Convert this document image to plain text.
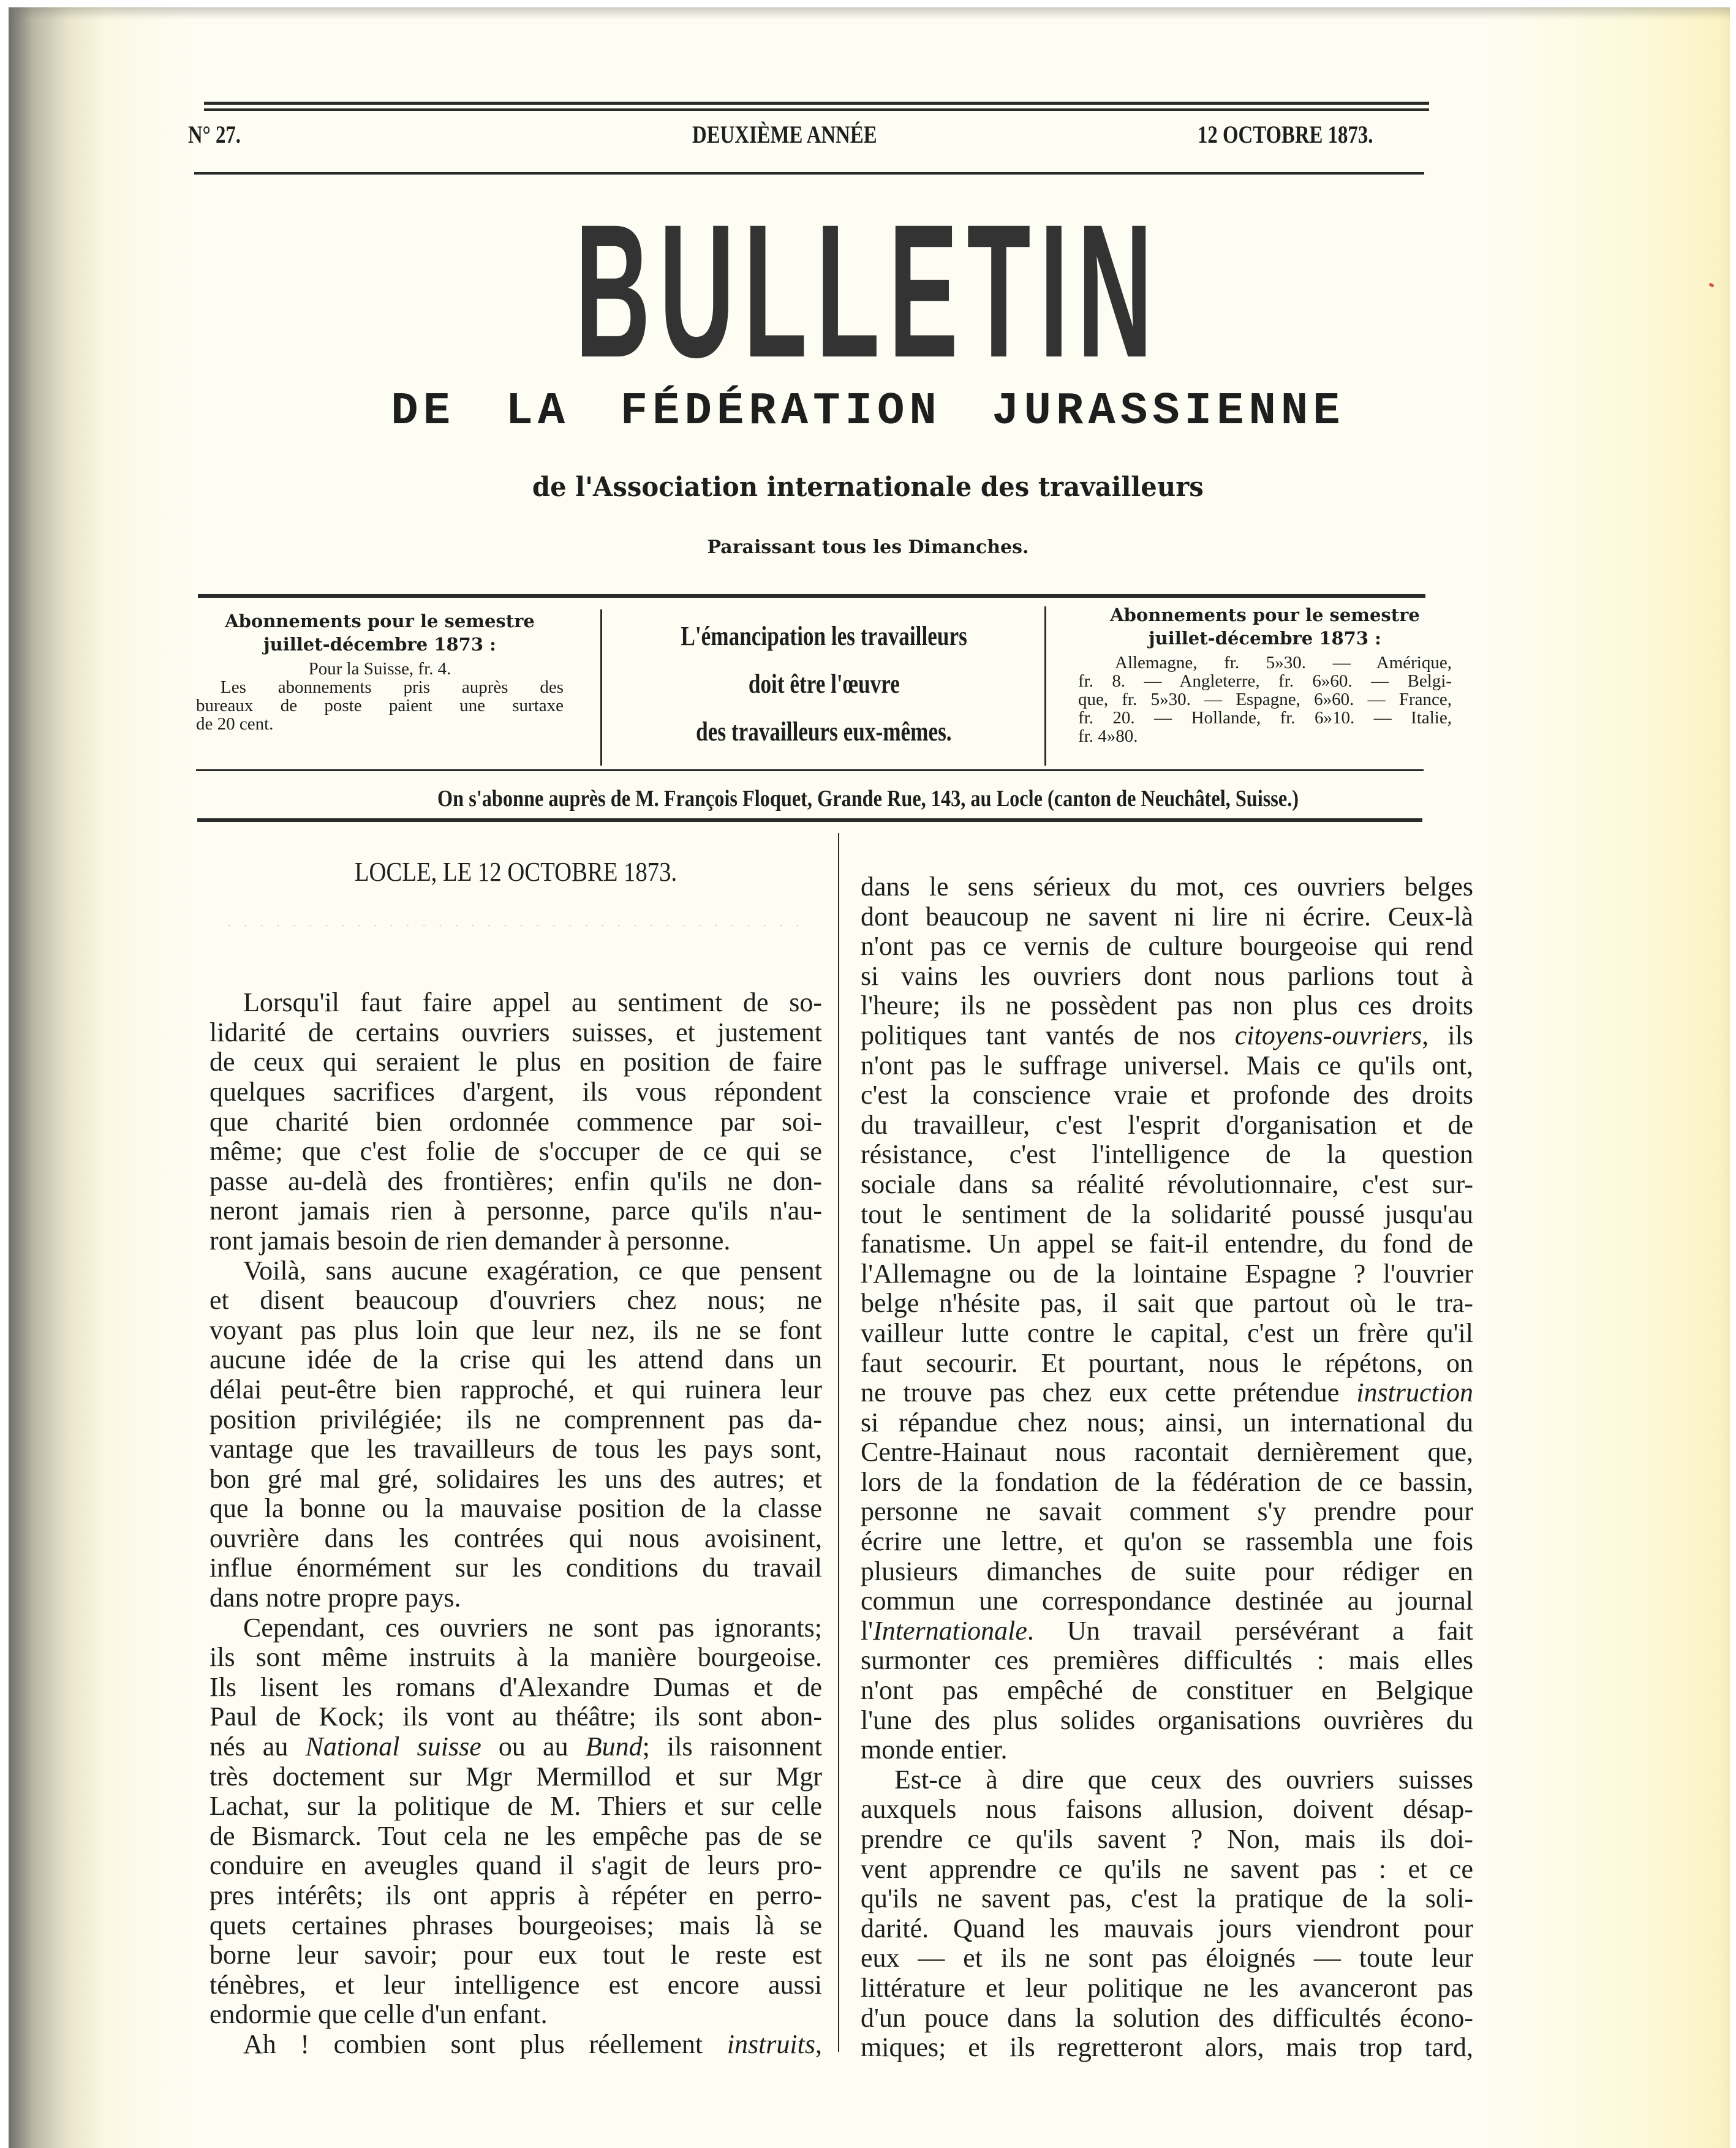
N° 27.	DEUXIÈME ANNÉE	12 OCTOBRE 1873.
BULLETIN
DE LA FÉDÉRATION JURASSIENNE
de l'Association internationale des travailleurs
Paraissant tous les Dimanches.
Abonnements pour le semestre
juillet-décembre 1873 :
Pour la Suisse, fr. 4.
Les abonnements pris auprès des
bureaux de poste paient une surtaxe
de 20 cent.
L'émancipation les travailleurs
doit être l'œuvre
des travailleurs eux-mêmes.
Abonnements pour le semestre
juillet-décembre 1873 :
Allemagne, fr. 5»30. — Amérique,
fr. 8. — Angleterre, fr. 6»60. — Belgi-
que, fr. 5»30. — Espagne, 6»60. — France,
fr. 20. — Hollande, fr. 6»10. — Italie,
fr. 4»80.
On s'abonne auprès de M. François Floquet, Grande Rue, 143, au Locle (canton de Neuchâtel, Suisse.)
LOCLE, LE 12 OCTOBRE 1873.
· · · · · · · · · · · · · · · · · · · · · · · · · · · · · · · · · · · ·
Lorsqu'il faut faire appel au sentiment de so-
lidarité de certains ouvriers suisses, et justement
de ceux qui seraient le plus en position de faire
quelques sacrifices d'argent, ils vous répondent
que charité bien ordonnée commence par soi-
même; que c'est folie de s'occuper de ce qui se
passe au-delà des frontières; enfin qu'ils ne don-
neront jamais rien à personne, parce qu'ils n'au-
ront jamais besoin de rien demander à personne.
Voilà, sans aucune exagération, ce que pensent
et disent beaucoup d'ouvriers chez nous; ne
voyant pas plus loin que leur nez, ils ne se font
aucune idée de la crise qui les attend dans un
délai peut-être bien rapproché, et qui ruinera leur
position privilégiée; ils ne comprennent pas da-
vantage que les travailleurs de tous les pays sont,
bon gré mal gré, solidaires les uns des autres; et
que la bonne ou la mauvaise position de la classe
ouvrière dans les contrées qui nous avoisinent,
influe énormément sur les conditions du travail
dans notre propre pays.
Cependant, ces ouvriers ne sont pas ignorants;
ils sont même instruits à la manière bourgeoise.
Ils lisent les romans d'Alexandre Dumas et de
Paul de Kock; ils vont au théâtre; ils sont abon-
nés au National suisse ou au Bund; ils raisonnent
très doctement sur Mgr Mermillod et sur Mgr
Lachat, sur la politique de M. Thiers et sur celle
de Bismarck. Tout cela ne les empêche pas de se
conduire en aveugles quand il s'agit de leurs pro-
pres intérêts; ils ont appris à répéter en perro-
quets certaines phrases bourgeoises; mais là se
borne leur savoir; pour eux tout le reste est
ténèbres, et leur intelligence est encore aussi
endormie que celle d'un enfant.
Ah ! combien sont plus réellement instruits,
dans le sens sérieux du mot, ces ouvriers belges
dont beaucoup ne savent ni lire ni écrire. Ceux-là
n'ont pas ce vernis de culture bourgeoise qui rend
si vains les ouvriers dont nous parlions tout à
l'heure; ils ne possèdent pas non plus ces droits
politiques tant vantés de nos citoyens-ouvriers, ils
n'ont pas le suffrage universel. Mais ce qu'ils ont,
c'est la conscience vraie et profonde des droits
du travailleur, c'est l'esprit d'organisation et de
résistance, c'est l'intelligence de la question
sociale dans sa réalité révolutionnaire, c'est sur-
tout le sentiment de la solidarité poussé jusqu'au
fanatisme. Un appel se fait-il entendre, du fond de
l'Allemagne ou de la lointaine Espagne ? l'ouvrier
belge n'hésite pas, il sait que partout où le tra-
vailleur lutte contre le capital, c'est un frère qu'il
faut secourir. Et pourtant, nous le répétons, on
ne trouve pas chez eux cette prétendue instruction
si répandue chez nous; ainsi, un international du
Centre-Hainaut nous racontait dernièrement que,
lors de la fondation de la fédération de ce bassin,
personne ne savait comment s'y prendre pour
écrire une lettre, et qu'on se rassembla une fois
plusieurs dimanches de suite pour rédiger en
commun une correspondance destinée au journal
l'Internationale. Un travail persévérant a fait
surmonter ces premières difficultés : mais elles
n'ont pas empêché de constituer en Belgique
l'une des plus solides organisations ouvrières du
monde entier.
Est-ce à dire que ceux des ouvriers suisses
auxquels nous faisons allusion, doivent désap-
prendre ce qu'ils savent ? Non, mais ils doi-
vent apprendre ce qu'ils ne savent pas : et ce
qu'ils ne savent pas, c'est la pratique de la soli-
darité. Quand les mauvais jours viendront pour
eux — et ils ne sont pas éloignés — toute leur
littérature et leur politique ne les avanceront pas
d'un pouce dans la solution des difficultés écono-
miques; et ils regretteront alors, mais trop tard,
